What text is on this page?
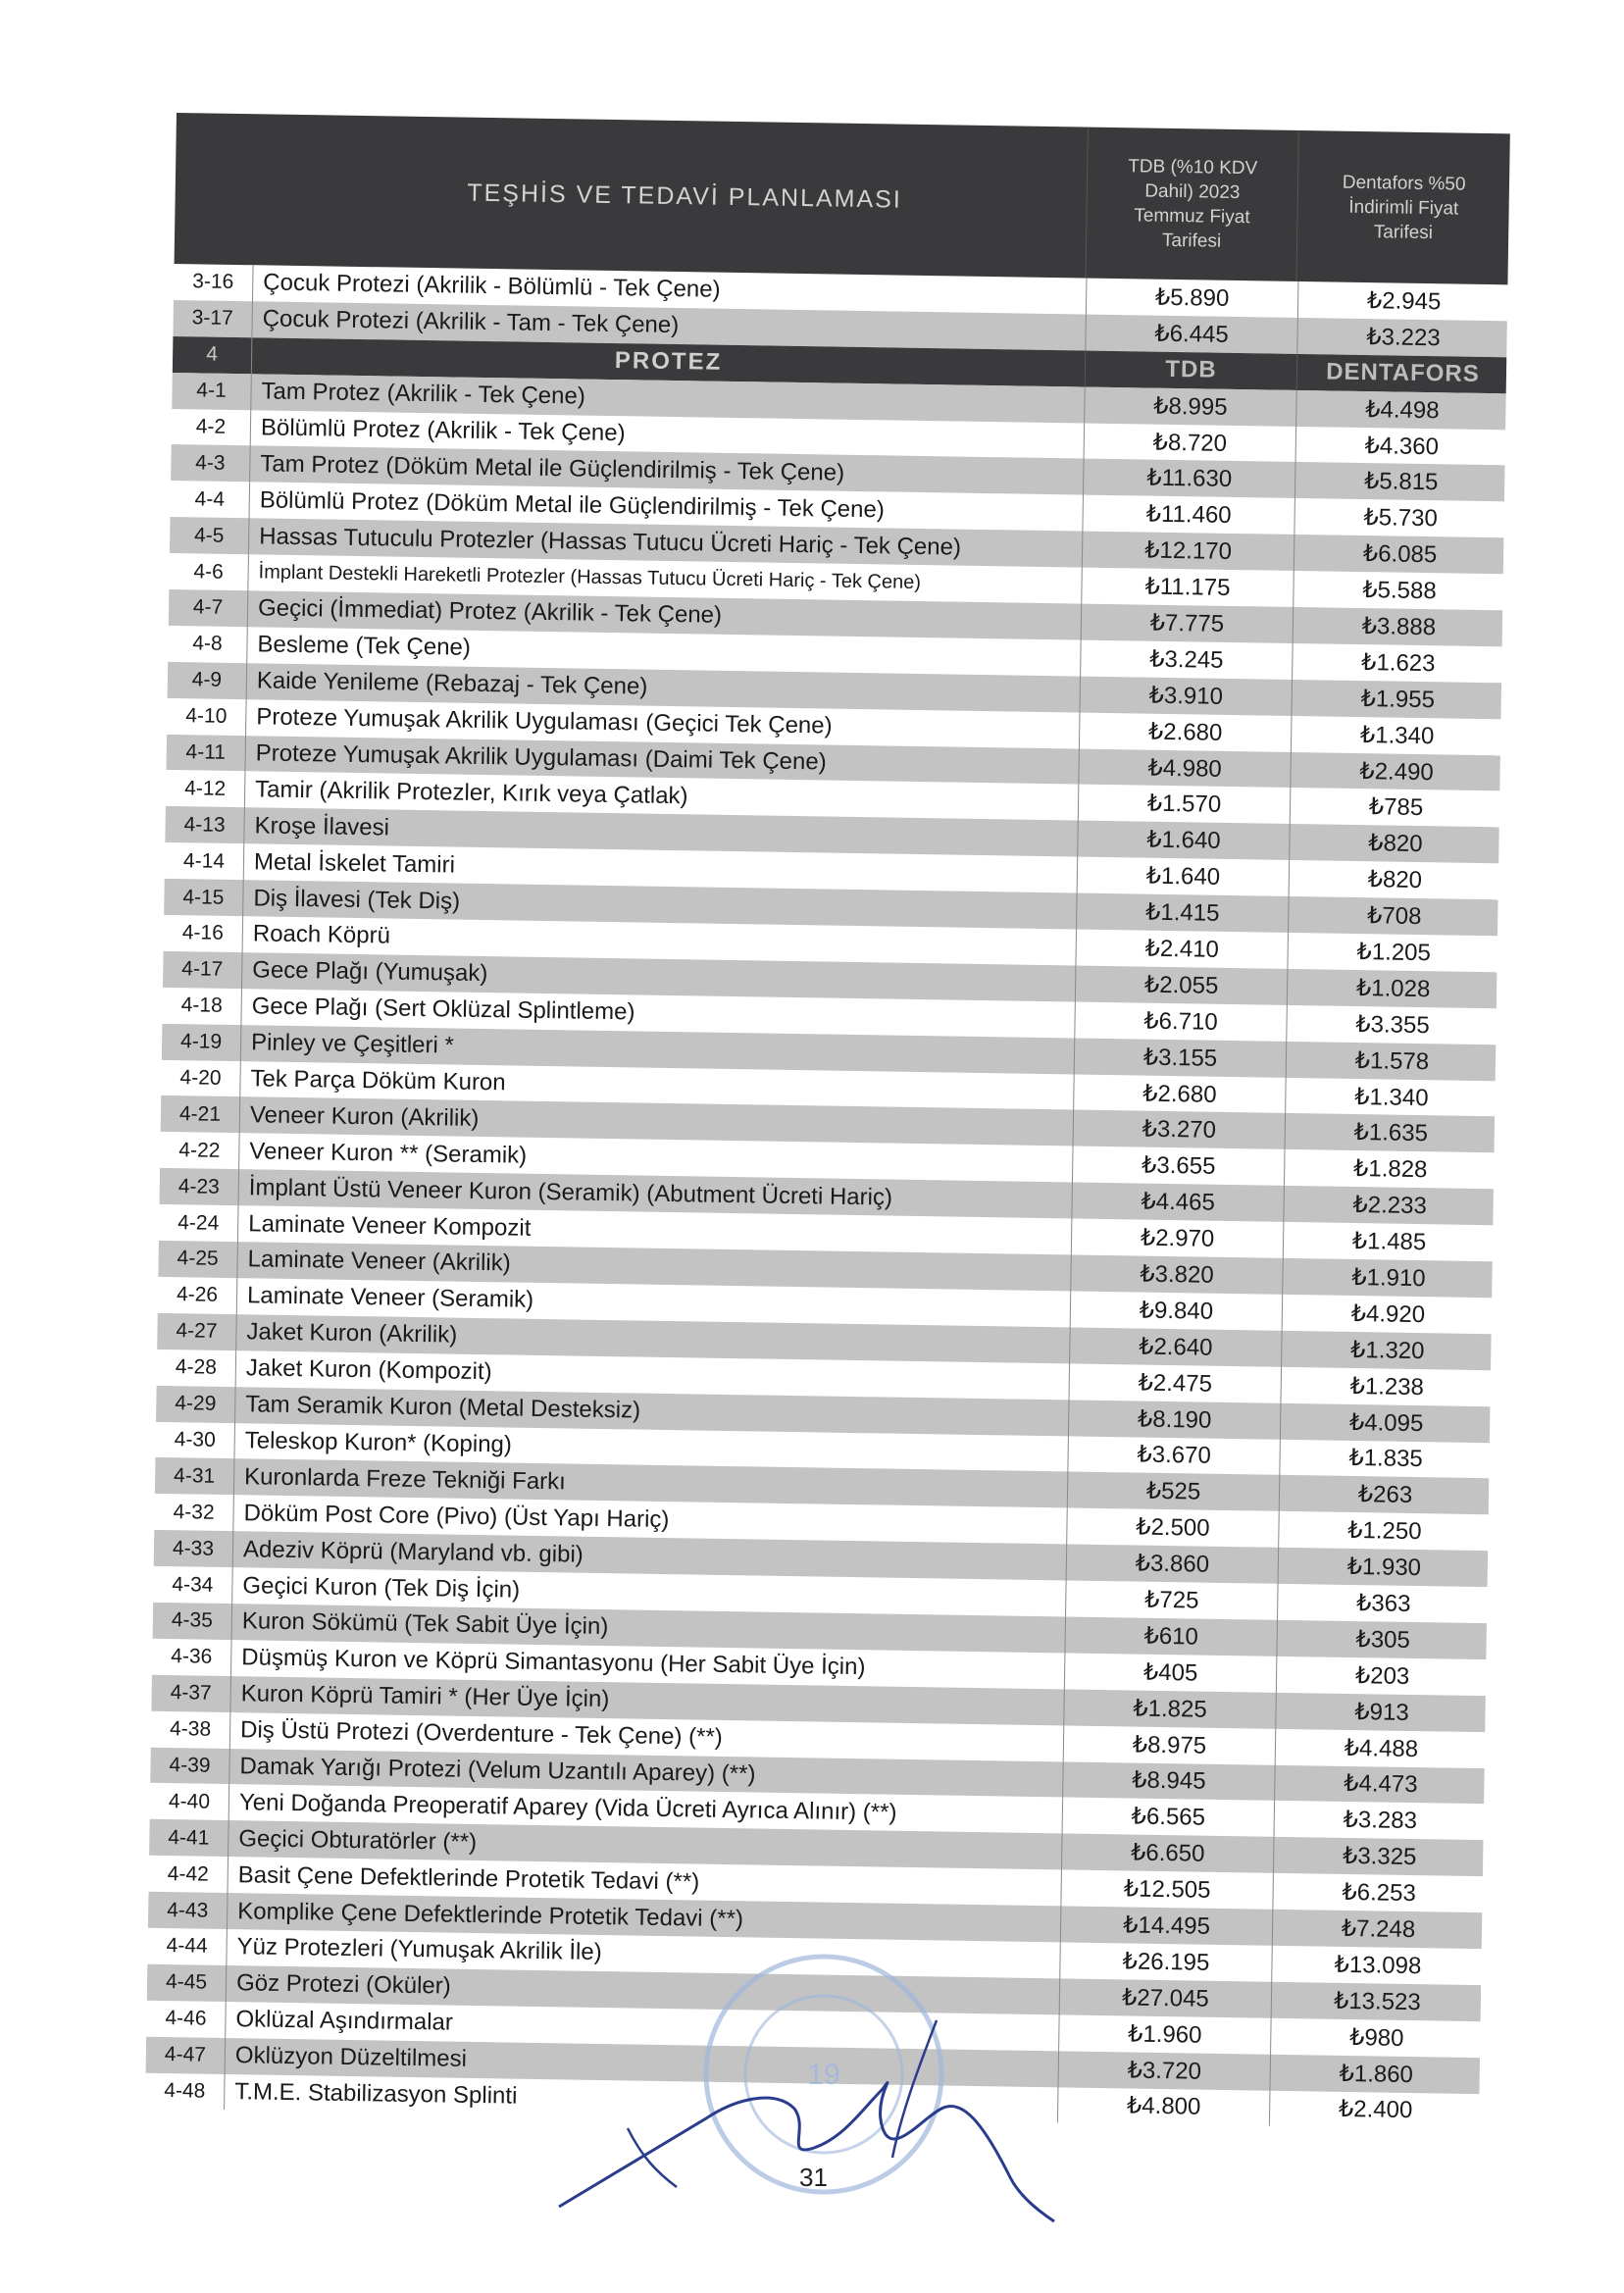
TEŞHİS VE TEDAVİ PLANLAMASI
TDB (%10 KDV
Dahil) 2023
Temmuz Fiyat
Tarifesi
Dentafors %50
İndirimli Fiyat
Tarifesi
3-16	Çocuk Protezi (Akrilik - Bölümlü - Tek Çene)	₺5.890	₺2.945
3-17	Çocuk Protezi (Akrilik - Tam - Tek Çene)	₺6.445	₺3.223
4	PROTEZ	TDB	DENTAFORS
4-1	Tam Protez (Akrilik - Tek Çene)	₺8.995	₺4.498
4-2	Bölümlü Protez (Akrilik - Tek Çene)	₺8.720	₺4.360
4-3	Tam Protez (Döküm Metal ile Güçlendirilmiş - Tek Çene)	₺11.630	₺5.815
4-4	Bölümlü Protez (Döküm Metal ile Güçlendirilmiş - Tek Çene)	₺11.460	₺5.730
4-5	Hassas Tutuculu Protezler (Hassas Tutucu Ücreti Hariç - Tek Çene)	₺12.170	₺6.085
4-6	İmplant Destekli Hareketli Protezler (Hassas Tutucu Ücreti Hariç - Tek Çene)	₺11.175	₺5.588
4-7	Geçici (İmmediat) Protez (Akrilik - Tek Çene)	₺7.775	₺3.888
4-8	Besleme (Tek Çene)	₺3.245	₺1.623
4-9	Kaide Yenileme (Rebazaj - Tek Çene)	₺3.910	₺1.955
4-10	Proteze Yumuşak Akrilik Uygulaması (Geçici Tek Çene)	₺2.680	₺1.340
4-11	Proteze Yumuşak Akrilik Uygulaması (Daimi Tek Çene)	₺4.980	₺2.490
4-12	Tamir (Akrilik Protezler, Kırık veya Çatlak)	₺1.570	₺785
4-13	Kroşe İlavesi	₺1.640	₺820
4-14	Metal İskelet Tamiri	₺1.640	₺820
4-15	Diş İlavesi (Tek Diş)	₺1.415	₺708
4-16	Roach Köprü	₺2.410	₺1.205
4-17	Gece Plağı (Yumuşak)	₺2.055	₺1.028
4-18	Gece Plağı (Sert Oklüzal Splintleme)	₺6.710	₺3.355
4-19	Pinley ve Çeşitleri *	₺3.155	₺1.578
4-20	Tek Parça Döküm Kuron	₺2.680	₺1.340
4-21	Veneer Kuron (Akrilik)	₺3.270	₺1.635
4-22	Veneer Kuron ** (Seramik)	₺3.655	₺1.828
4-23	İmplant Üstü Veneer Kuron (Seramik) (Abutment Ücreti Hariç)	₺4.465	₺2.233
4-24	Laminate Veneer Kompozit	₺2.970	₺1.485
4-25	Laminate Veneer (Akrilik)	₺3.820	₺1.910
4-26	Laminate Veneer (Seramik)	₺9.840	₺4.920
4-27	Jaket Kuron (Akrilik)	₺2.640	₺1.320
4-28	Jaket Kuron (Kompozit)	₺2.475	₺1.238
4-29	Tam Seramik Kuron (Metal Desteksiz)	₺8.190	₺4.095
4-30	Teleskop Kuron* (Koping)	₺3.670	₺1.835
4-31	Kuronlarda Freze Tekniği Farkı	₺525	₺263
4-32	Döküm Post Core (Pivo) (Üst Yapı Hariç)	₺2.500	₺1.250
4-33	Adeziv Köprü (Maryland vb. gibi)	₺3.860	₺1.930
4-34	Geçici Kuron (Tek Diş İçin)	₺725	₺363
4-35	Kuron Sökümü (Tek Sabit Üye İçin)	₺610	₺305
4-36	Düşmüş Kuron ve Köprü Simantasyonu (Her Sabit Üye İçin)	₺405	₺203
4-37	Kuron Köprü Tamiri * (Her Üye İçin)	₺1.825	₺913
4-38	Diş Üstü Protezi (Overdenture - Tek Çene) (**)	₺8.975	₺4.488
4-39	Damak Yarığı Protezi (Velum Uzantılı Aparey) (**)	₺8.945	₺4.473
4-40	Yeni Doğanda Preoperatif Aparey (Vida Ücreti Ayrıca Alınır) (**)	₺6.565	₺3.283
4-41	Geçici Obturatörler (**)	₺6.650	₺3.325
4-42	Basit Çene Defektlerinde Protetik Tedavi (**)	₺12.505	₺6.253
4-43	Komplike Çene Defektlerinde Protetik Tedavi (**)	₺14.495	₺7.248
4-44	Yüz Protezleri (Yumuşak Akrilik İle)	₺26.195	₺13.098
4-45	Göz Protezi (Oküler)	₺27.045	₺13.523
4-46	Oklüzal Aşındırmalar	₺1.960	₺980
4-47	Oklüzyon Düzeltilmesi	₺3.720	₺1.860
4-48	T.M.E. Stabilizasyon Splinti	₺4.800	₺2.400
19
31
